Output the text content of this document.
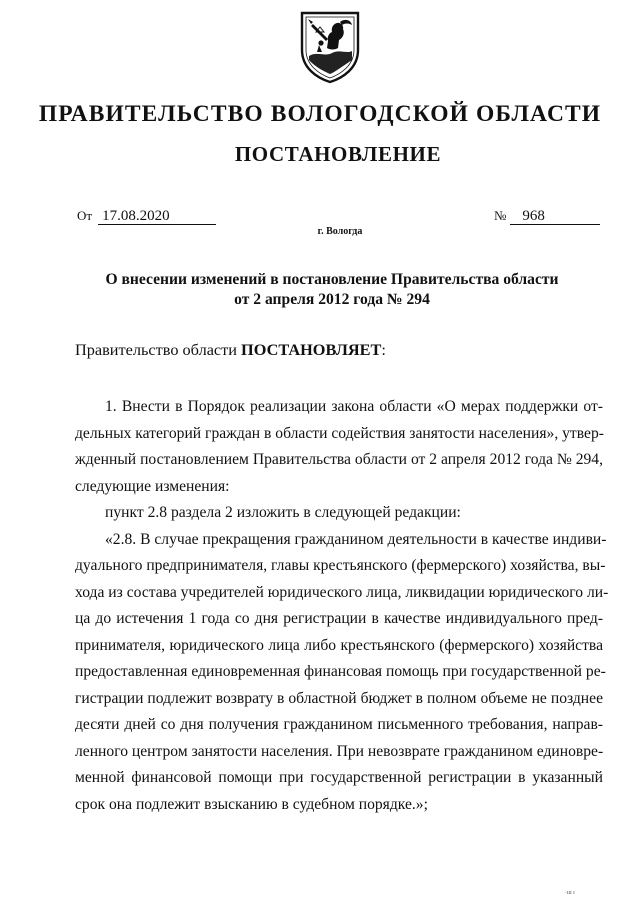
ПРАВИТЕЛЬСТВО ВОЛОГОДСКОЙ ОБЛАСТИ
ПОСТАНОВЛЕНИЕ
От 17.08.2020	№ 968
г. Вологда
О внесении изменений в постановление Правительства области
от 2 апреля 2012 года № 294
Правительство области ПОСТАНОВЛЯЕТ:
1. Внести в Порядок реализации закона области «О мерах поддержки от-
дельных категорий граждан в области содействия занятости населения», утвер-
жденный постановлением Правительства области от 2 апреля 2012 года № 294,
следующие изменения:
пункт 2.8 раздела 2 изложить в следующей редакции:
«2.8. В случае прекращения гражданином деятельности в качестве индиви-
дуального предпринимателя, главы крестьянского (фермерского) хозяйства, вы-
хода из состава учредителей юридического лица, ликвидации юридического ли-
ца до истечения 1 года со дня регистрации в качестве индивидуального пред-
принимателя, юридического лица либо крестьянского (фермерского) хозяйства
предоставленная единовременная финансовая помощь при государственной ре-
гистрации подлежит возврату в областной бюджет в полном объеме не позднее
десяти дней со дня получения гражданином письменного требования, направ-
ленного центром занятости населения. При невозврате гражданином единовре-
менной финансовой помощи при государственной регистрации в указанный
срок она подлежит взысканию в судебном порядке.»;
·ш ı
